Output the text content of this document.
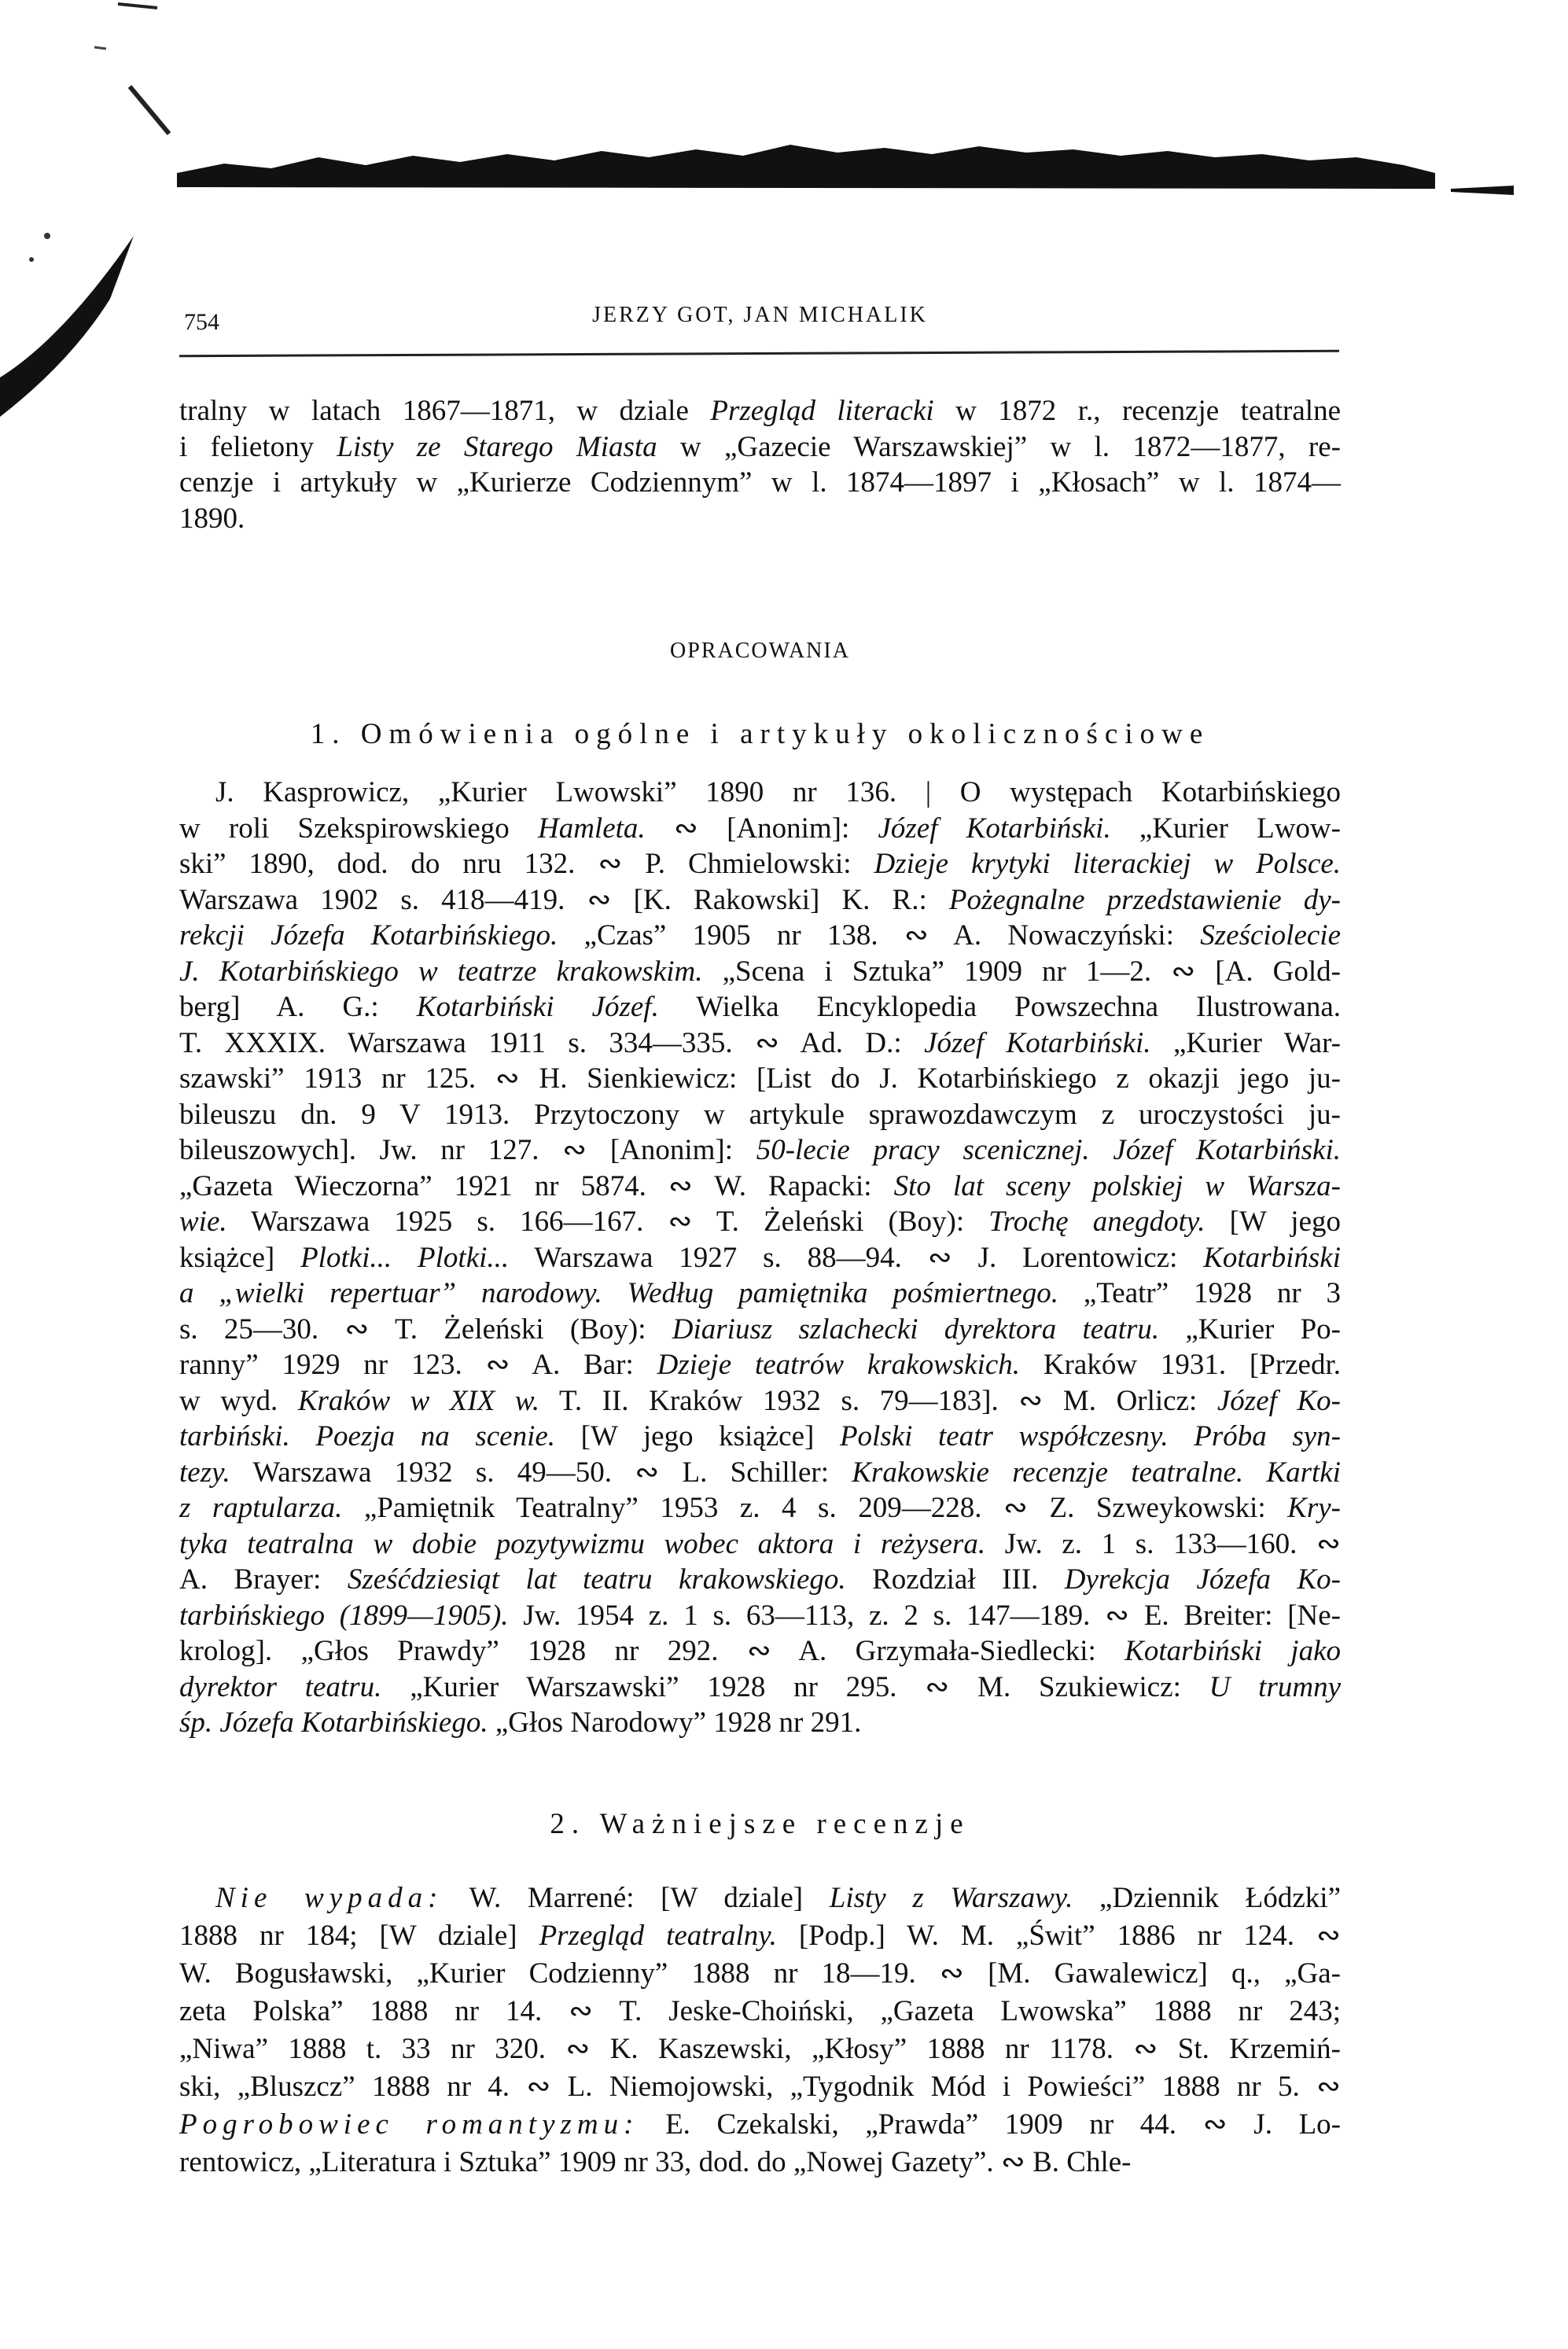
754	JERZY GOT, JAN MICHALIK
tralny w latach 1867—1871, w dziale Przegląd literacki w 1872 r., recenzje teatralne
i felietony Listy ze Starego Miasta w „Gazecie Warszawskiej” w l. 1872—1877, re-
cenzje i artykuły w „Kurierze Codziennym” w l. 1874—1897 i „Kłosach” w l. 1874—
1890.
OPRACOWANIA
1. Omówienia ogólne i artykuły okolicznościowe
J. Kasprowicz, „Kurier Lwowski” 1890 nr 136. | O występach Kotarbińskiego
w roli Szekspirowskiego Hamleta. ∾ [Anonim]: Józef Kotarbiński. „Kurier Lwow-
ski” 1890, dod. do nru 132. ∾ P. Chmielowski: Dzieje krytyki literackiej w Polsce.
Warszawa 1902 s. 418—419. ∾ [K. Rakowski] K. R.: Pożegnalne przedstawienie dy-
rekcji Józefa Kotarbińskiego. „Czas” 1905 nr 138. ∾ A. Nowaczyński: Sześciolecie
J. Kotarbińskiego w teatrze krakowskim. „Scena i Sztuka” 1909 nr 1—2. ∾ [A. Gold-
berg] A. G.: Kotarbiński Józef. Wielka Encyklopedia Powszechna Ilustrowana.
T. XXXIX. Warszawa 1911 s. 334—335. ∾ Ad. D.: Józef Kotarbiński. „Kurier War-
szawski” 1913 nr 125. ∾ H. Sienkiewicz: [List do J. Kotarbińskiego z okazji jego ju-
bileuszu dn. 9 V 1913. Przytoczony w artykule sprawozdawczym z uroczystości ju-
bileuszowych]. Jw. nr 127. ∾ [Anonim]: 50-lecie pracy scenicznej. Józef Kotarbiński.
„Gazeta Wieczorna” 1921 nr 5874. ∾ W. Rapacki: Sto lat sceny polskiej w Warsza-
wie. Warszawa 1925 s. 166—167. ∾ T. Żeleński (Boy): Trochę anegdoty. [W jego
książce] Plotki... Plotki... Warszawa 1927 s. 88—94. ∾ J. Lorentowicz: Kotarbiński
a „wielki repertuar” narodowy. Według pamiętnika pośmiertnego. „Teatr” 1928 nr 3
s. 25—30. ∾ T. Żeleński (Boy): Diariusz szlachecki dyrektora teatru. „Kurier Po-
ranny” 1929 nr 123. ∾ A. Bar: Dzieje teatrów krakowskich. Kraków 1931. [Przedr.
w wyd. Kraków w XIX w. T. II. Kraków 1932 s. 79—183]. ∾ M. Orlicz: Józef Ko-
tarbiński. Poezja na scenie. [W jego książce] Polski teatr współczesny. Próba syn-
tezy. Warszawa 1932 s. 49—50. ∾ L. Schiller: Krakowskie recenzje teatralne. Kartki
z raptularza. „Pamiętnik Teatralny” 1953 z. 4 s. 209—228. ∾ Z. Szweykowski: Kry-
tyka teatralna w dobie pozytywizmu wobec aktora i reżysera. Jw. z. 1 s. 133—160. ∾
A. Brayer: Sześćdziesiąt lat teatru krakowskiego. Rozdział III. Dyrekcja Józefa Ko-
tarbińskiego (1899—1905). Jw. 1954 z. 1 s. 63—113, z. 2 s. 147—189. ∾ E. Breiter: [Ne-
krolog]. „Głos Prawdy” 1928 nr 292. ∾ A. Grzymała-Siedlecki: Kotarbiński jako
dyrektor teatru. „Kurier Warszawski” 1928 nr 295. ∾ M. Szukiewicz: U trumny
śp. Józefa Kotarbińskiego. „Głos Narodowy” 1928 nr 291.
2. Ważniejsze recenzje
Nie wypada: W. Marrené: [W dziale] Listy z Warszawy. „Dziennik Łódzki”
1888 nr 184; [W dziale] Przegląd teatralny. [Podp.] W. M. „Świt” 1886 nr 124. ∾
W. Bogusławski, „Kurier Codzienny” 1888 nr 18—19. ∾ [M. Gawalewicz] q., „Ga-
zeta Polska” 1888 nr 14. ∾ T. Jeske-Choiński, „Gazeta Lwowska” 1888 nr 243;
„Niwa” 1888 t. 33 nr 320. ∾ K. Kaszewski, „Kłosy” 1888 nr 1178. ∾ St. Krzemiń-
ski, „Bluszcz” 1888 nr 4. ∾ L. Niemojowski, „Tygodnik Mód i Powieści” 1888 nr 5. ∾
Pogrobowiec romantyzmu: E. Czekalski, „Prawda” 1909 nr 44. ∾ J. Lo-
rentowicz, „Literatura i Sztuka” 1909 nr 33, dod. do „Nowej Gazety”. ∾ B. Chle-
